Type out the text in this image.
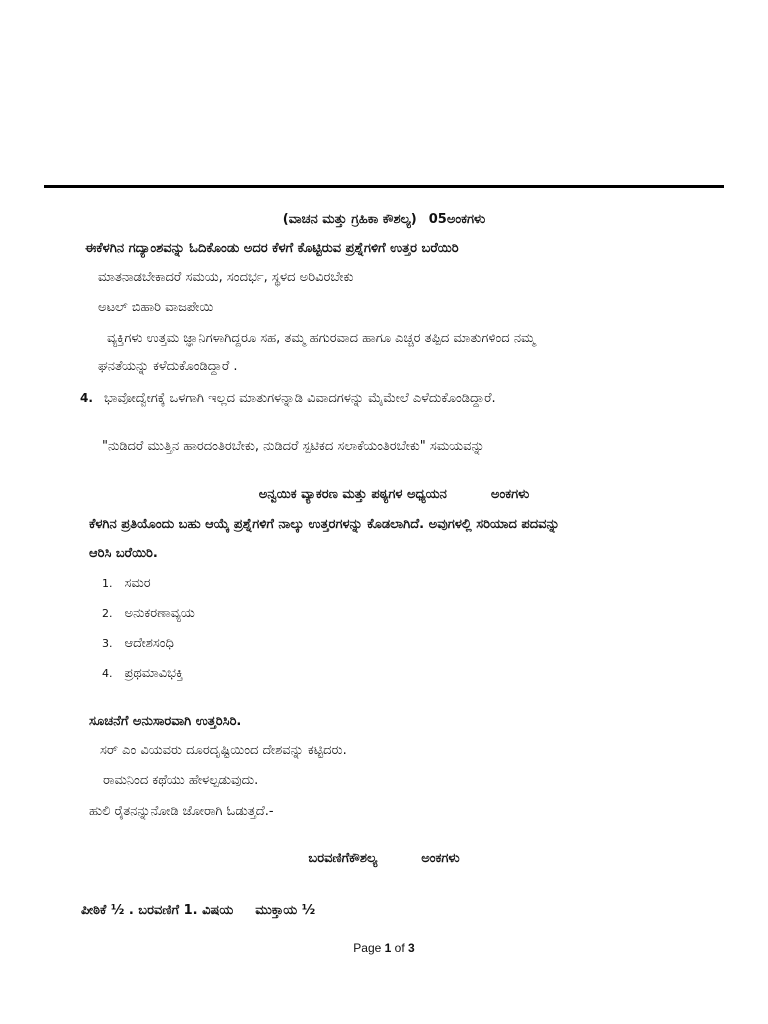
(ವಾಚನ ಮತ್ತು ಗ್ರಹಿಕಾ ಕೌಶಲ್ಯ) 05ಅಂಕಗಳು
ಈಕೆಳಗಿನ ಗದ್ಯಾಂಶವನ್ನು ಓದಿಕೊಂಡು ಅದರ ಕೆಳಗೆ ಕೊಟ್ಟಿರುವ ಪ್ರಶ್ನೆಗಳಿಗೆ ಉತ್ತರ ಬರೆಯಿರಿ
ಮಾತನಾಡಬೇಕಾದರೆ ಸಮಯ, ಸಂದರ್ಭ, ಸ್ಥಳದ ಅರಿವಿರಬೇಕು
ಅಟಲ್ ಬಿಹಾರಿ ವಾಜಪೇಯಿ
ವ್ಯಕ್ತಿಗಳು ಉತ್ತಮ ಜ್ಞಾನಿಗಳಾಗಿದ್ದರೂ ಸಹ, ತಮ್ಮ ಹಗುರವಾದ ಹಾಗೂ ಎಚ್ಚರ ತಪ್ಪಿದ ಮಾತುಗಳಿಂದ ನಮ್ಮ
ಘನತೆಯನ್ನು ಕಳೆದುಕೊಂಡಿದ್ದಾರೆ .
4. ಭಾವೋದ್ವೇಗಕ್ಕೆ ಒಳಗಾಗಿ ಇಲ್ಲದ ಮಾತುಗಳನ್ನಾಡಿ ವಿವಾದಗಳನ್ನು ಮೈಮೇಲೆ ಎಳೆದುಕೊಂಡಿದ್ದಾರೆ.
"ನುಡಿದರೆ ಮುತ್ತಿನ ಹಾರದಂತಿರಬೇಕು, ನುಡಿದರೆ ಸ್ಪಟಿಕದ ಸಲಾಕೆಯಂತಿರಬೇಕು" ಸಮಯವನ್ನು
ಅನ್ವಯಿಕ ವ್ಯಾಕರಣ ಮತ್ತು ಪಠ್ಯಗಳ ಅಧ್ಯಯನ	ಅಂಕಗಳು
ಕೆಳಗಿನ ಪ್ರತಿಯೊಂದು ಬಹು ಆಯ್ಕೆ ಪ್ರಶ್ನೆಗಳಿಗೆ ನಾಲ್ಕು ಉತ್ತರಗಳನ್ನು ಕೊಡಲಾಗಿದೆ. ಅವುಗಳಲ್ಲಿ ಸರಿಯಾದ ಪದವನ್ನು
ಆರಿಸಿ ಬರೆಯಿರಿ.
1. ಸಮರ
2. ಅನುಕರಣಾವ್ಯಯ
3. ಆದೇಶಸಂಧಿ
4. ಪ್ರಥಮಾವಿಭಕ್ತಿ
ಸೂಚನೆಗೆ ಅನುಸಾರವಾಗಿ ಉತ್ತರಿಸಿರಿ.
ಸರ್ ಎಂ ವಿಯವರು ದೂರದೃಷ್ಟಿಯಿಂದ ದೇಶವನ್ನು ಕಟ್ಟಿದರು.
ರಾಮನಿಂದ ಕಥೆಯು ಹೇಳಲ್ಪಡುವುದು.
ಹುಲಿ ರೈತನನ್ನುನೋಡಿ ಜೋರಾಗಿ ಓಡುತ್ತದೆ.-
ಬರವಣಿಗೆಕೌಶಲ್ಯ	ಅಂಕಗಳು
ಪೀಠಿಕೆ ½ . ಬರವಣಿಗೆ 1. ವಿಷಯ ಮುಕ್ತಾಯ ½
Page 1 of 3
